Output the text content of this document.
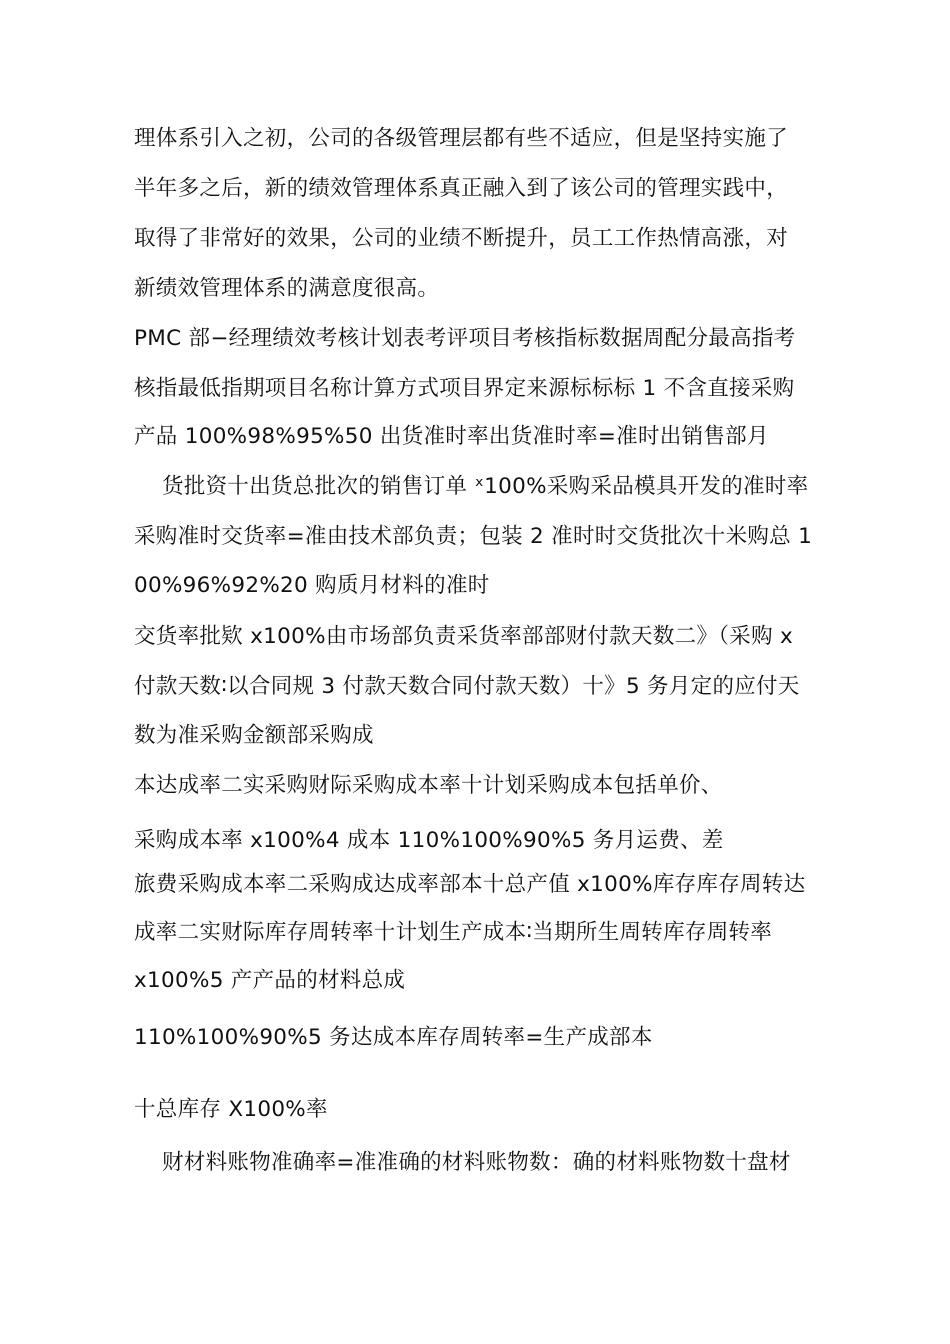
理体系引入之初，公司的各级管理层都有些不适应，但是坚持实施了
半年多之后，新的绩效管理体系真正融入到了该公司的管理实践中，
取得了非常好的效果，公司的业绩不断提升，员工工作热情高涨，对
新绩效管理体系的满意度很高。
PMC 部−经理绩效考核计划表考评项目考核指标数据周配分最高指考
核指最低指期项目名称计算方式项目界定来源标标标 1 不含直接采购
产品 100%98%95%50 出货准时率出货准时率=准时出销售部月
货批资十出货总批次的销售订单 ˣ100%采购采品模具开发的准时率
采购准时交货率=准由技术部负责；包装 2 准时时交货批次十米购总 1
00%96%92%20 购质月材料的准时
交货率批欵 x100%由市场部负责采货率部部财付款天数二》（采购 x
付款天数∶以合同规 3 付款天数合同付款天数）十》5 务月定的应付天
数为准采购金额部采购成
本达成率二实采购财际采购成本率十计划采购成本包括单价、
采购成本率 x100%4 成本 110%100%90%5 务月运费、差
旅费采购成本率二采购成达成率部本十总产值 x100%库存库存周转达
成率二实财际库存周转率十计划生产成本∶当期所生周转库存周转率
x100%5 产产品的材料总成
110%100%90%5 务达成本库存周转率=生产成部本
十总库存 X100%率
财材料账物准确率=准准确的材料账物数：确的材料账物数十盘材
